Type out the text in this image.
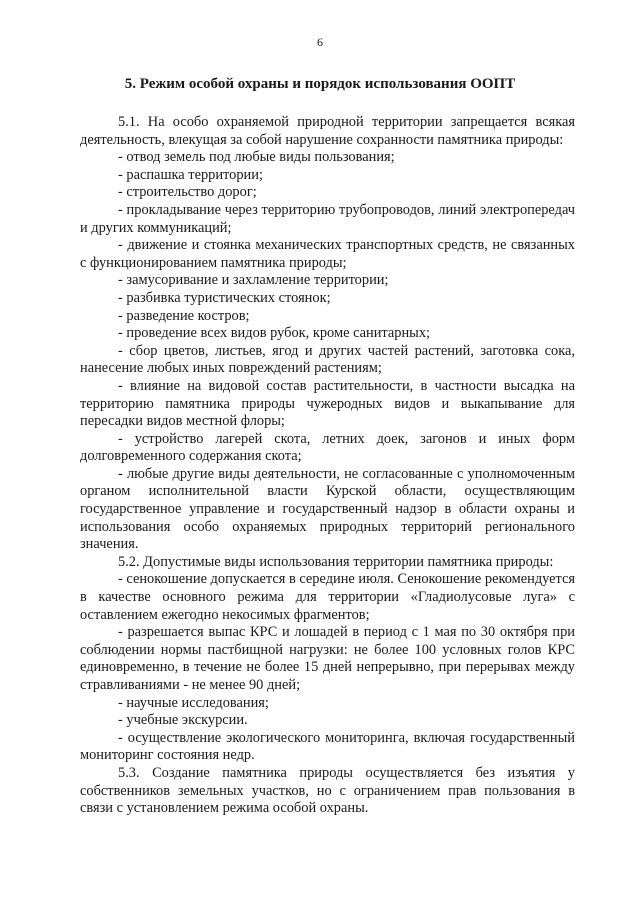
6
5. Режим особой охраны и порядок использования ООПТ

5.1. На особо охраняемой природной территории запрещается всякая деятельность, влекущая за собой нарушение сохранности памятника природы:

- отвод земель под любые виды пользования;

- распашка территории;

- строительство дорог;

- прокладывание через территорию трубопроводов, линий электропередач и других коммуникаций;

- движение и стоянка механических транспортных средств, не связанных с функционированием памятника природы;

- замусоривание и захламление территории;

- разбивка туристических стоянок;

- разведение костров;

- проведение всех видов рубок, кроме санитарных;

- сбор цветов, листьев, ягод и других частей растений, заготовка сока, нанесение любых иных повреждений растениям;

- влияние на видовой состав растительности, в частности высадка на территорию памятника природы чужеродных видов и выкапывание для пересадки видов местной флоры;

- устройство лагерей скота, летних доек, загонов и иных форм долговременного содержания скота;

- любые другие виды деятельности, не согласованные с уполномоченным органом исполнительной власти Курской области, осуществляющим государственное управление и государственный надзор в области охраны и использования особо охраняемых природных территорий регионального значения.

5.2. Допустимые виды использования территории памятника природы:

- сенокошение допускается в середине июля. Сенокошение рекомендуется в качестве основного режима для территории «Гладиолусовые луга» с оставлением ежегодно некосимых фрагментов;

- разрешается выпас КРС и лошадей в период с 1 мая по 30 октября при соблюдении нормы пастбищной нагрузки: не более 100 условных голов КРС единовременно, в течение не более 15 дней непрерывно, при перерывах между стравливаниями - не менее 90 дней;

- научные исследования;

- учебные экскурсии.

- осуществление экологического мониторинга, включая государственный мониторинг состояния недр.

5.3. Создание памятника природы осуществляется без изъятия у собственников земельных участков, но с ограничением прав пользования в связи с установлением режима особой охраны.
